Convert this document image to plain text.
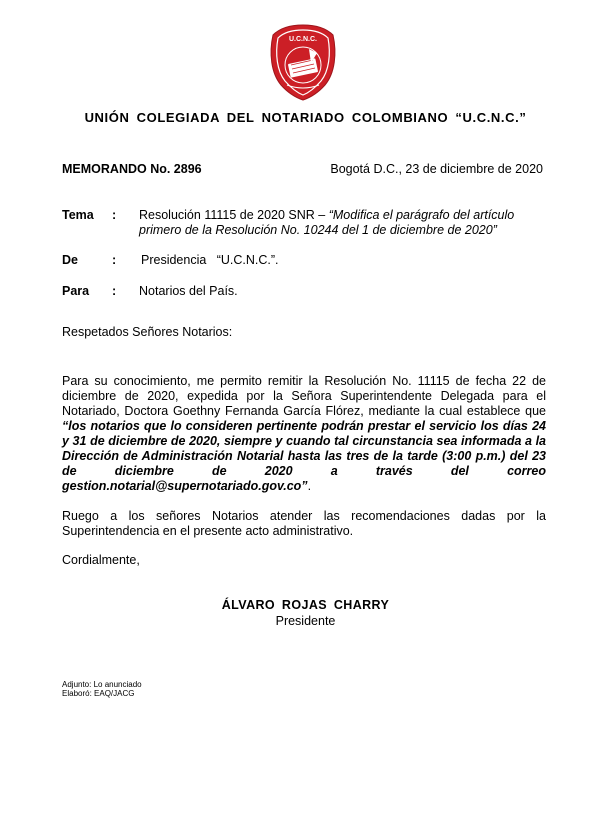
U.C.N.C.
UNIÓN COLEGIADA DEL NOTARIADO COLOMBIANO “U.C.N.C.”
MEMORANDO No. 2896	Bogotá D.C., 23 de diciembre de 2020
Tema : Resolución 11115 de 2020 SNR – “Modifica el parágrafo del artículo primero de la Resolución No. 10244 del 1 de diciembre de 2020”
De	: Presidencia   “U.C.N.C.”.
Para : Notarios del País.
Respetados Señores Notarios:
Para su conocimiento, me permito remitir la Resolución No. 11115 de fecha 22 de diciembre de 2020, expedida por la Señora Superintendente Delegada para el Notariado, Doctora Goethny Fernanda García Flórez, mediante la cual establece que “los notarios que lo consideren pertinente podrán prestar el servicio los días 24 y 31 de diciembre de 2020, siempre y cuando tal circunstancia sea informada a la Dirección de Administración Notarial hasta las tres de la tarde (3:00 p.m.) del 23 de diciembre de 2020 a través del correo gestion.notarial@supernotariado.gov.co”.
Ruego a los señores Notarios atender las recomendaciones dadas por la Superintendencia en el presente acto administrativo.
Cordialmente,
ÁLVARO ROJAS CHARRY
Presidente
Adjunto: Lo anunciado
Elaboró: EAQ/JACG
